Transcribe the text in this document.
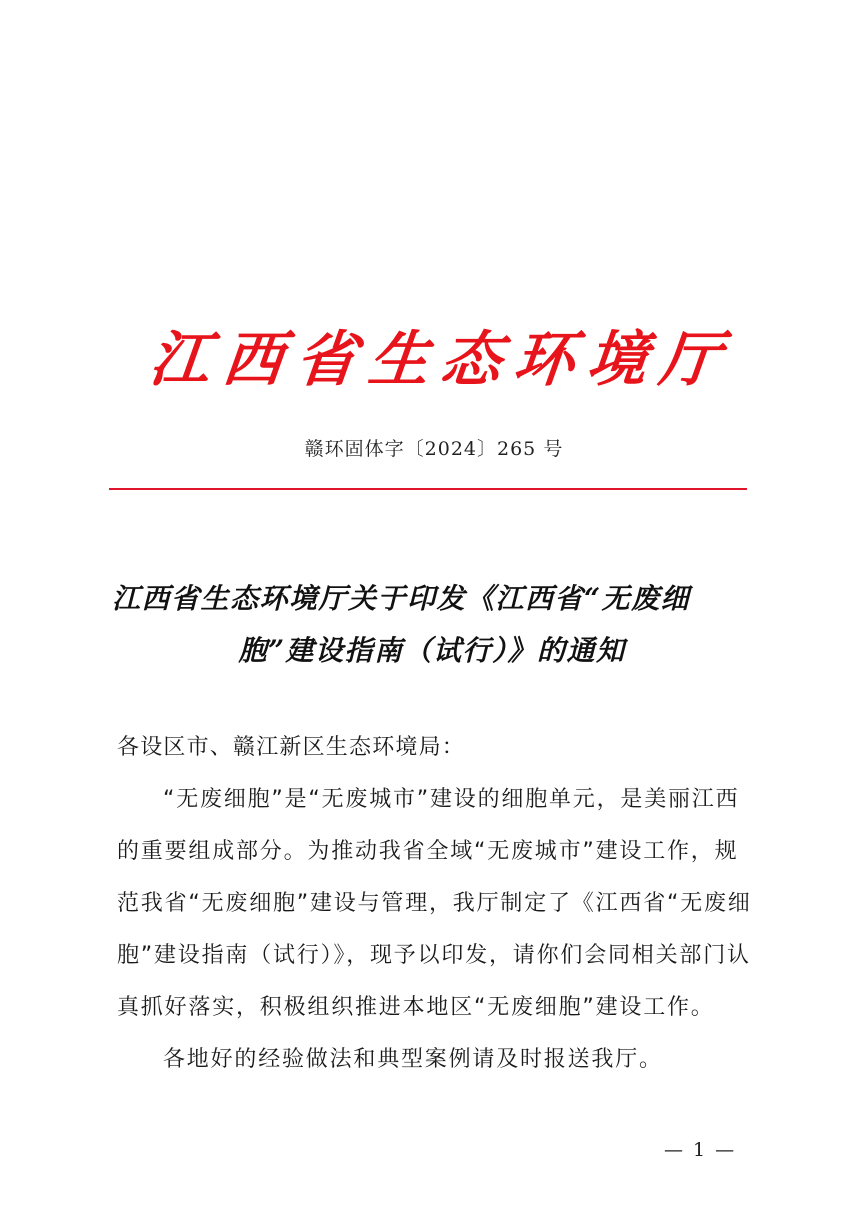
江 西 省 生 态 环 境 厅
赣环固体字〔2024〕265 号
江西省生态环境厅关于印发《江西省“无废细
胞”建设指南（试行）》的通知

各设区市、赣江新区生态环境局：

“无废细胞”是“无废城市”建设的细胞单元，是美丽江西的重要组成部分。为推动我省全域“无废城市”建设工作，规范我省“无废细胞”建设与管理，我厅制定了《江西省“无废细胞”建设指南（试行）》，现予以印发，请你们会同相关部门认真抓好落实，积极组织推进本地区“无废细胞”建设工作。

各地好的经验做法和典型案例请及时报送我厅。

— 1 —
